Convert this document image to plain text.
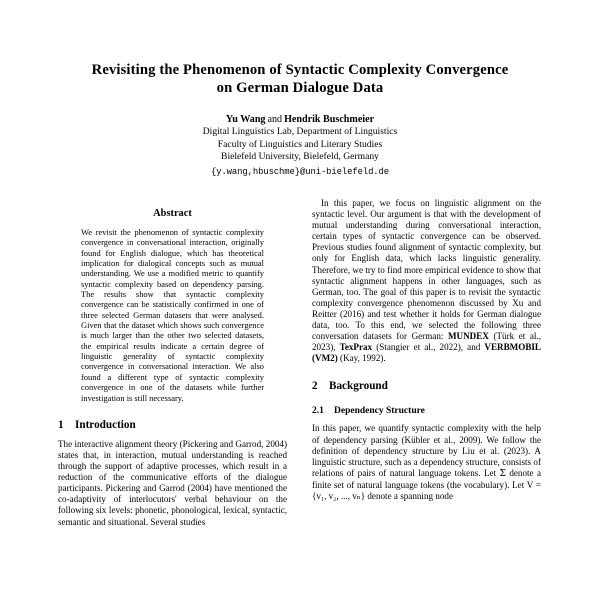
Revisiting the Phenomenon of Syntactic Complexity Convergence
on German Dialogue Data
Yu Wang and Hendrik Buschmeier
Digital Linguistics Lab, Department of Linguistics
Faculty of Linguistics and Literary Studies
Bielefeld University, Bielefeld, Germany
{y.wang,hbuschme}@uni-bielefeld.de
Abstract
We revisit the phenomenon of syntactic complexity convergence in conversational interaction, originally found for English dialogue, which has theoretical implication for dialogical concepts such as mutual understanding. We use a modified metric to quantify syntactic complexity based on dependency parsing. The results show that syntactic complexity convergence can be statistically confirmed in one of three selected German datasets that were analysed. Given that the dataset which shows such convergence is much larger than the other two selected datasets, the empirical results indicate a certain degree of linguistic generality of syntactic complexity convergence in conversational interaction. We also found a different type of syntactic complexity convergence in one of the datasets while further investigation is still necessary.
1 Introduction

The interactive alignment theory (Pickering and Garrod, 2004) states that, in interaction, mutual understanding is reached through the support of adaptive processes, which result in a reduction of the communicative efforts of the dialogue participants. Pickering and Garrod (2004) have mentioned the co-adaptivity of interlocutors' verbal behaviour on the following six levels: phonetic, phonological, lexical, syntactic, semantic and situational. Several studies

In this paper, we focus on linguistic alignment on the syntactic level. Our argument is that with the development of mutual understanding during conversational interaction, certain types of syntactic convergence can be observed. Previous studies found alignment of syntactic complexity, but only for English data, which lacks linguistic generality. Therefore, we try to find more empirical evidence to show that syntactic alignment happens in other languages, such as German, too. The goal of this paper is to revisit the syntactic complexity convergence phenomenon discussed by Xu and Reitter (2016) and test whether it holds for German dialogue data, too. To this end, we selected the following three conversation datasets for German: MUNDEX (Türk et al., 2023), TexPrax (Stangier et al., 2022), and VERBMOBIL (VM2) (Kay, 1992).

2 Background
2.1 Dependency Structure

In this paper, we quantify syntactic complexity with the help of dependency parsing (Kübler et al., 2009). We follow the definition of dependency structure by Liu et al. (2023). A linguistic structure, such as a dependency structure, consists of relations of pairs of natural language tokens. Let Σ denote a finite set of natural language tokens (the vocabulary). Let V = {v₁, v₂, ..., vₙ} denote a spanning node
